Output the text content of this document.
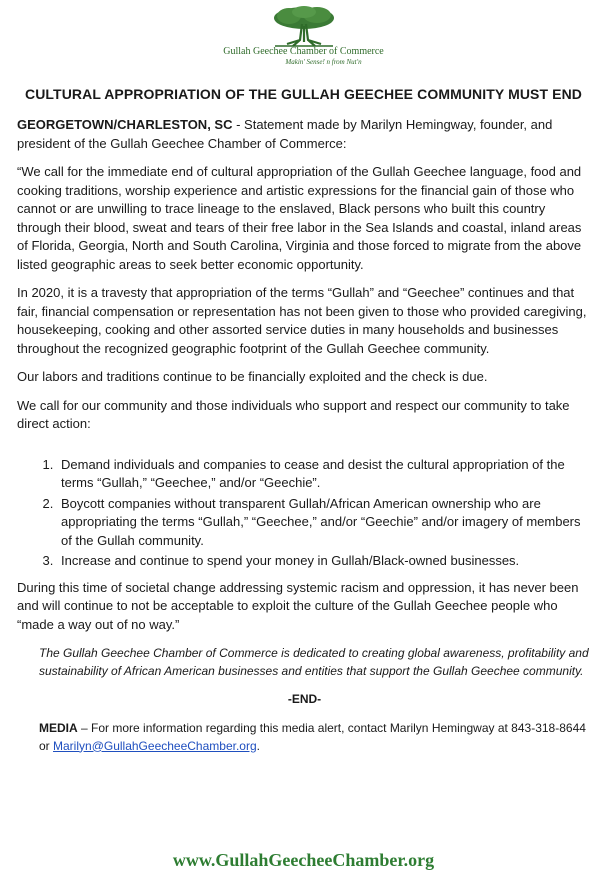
Gullah Geechee Chamber of Commerce
Makin' Sense! n from Nut'n
CULTURAL APPROPRIATION OF THE GULLAH GEECHEE COMMUNITY MUST END

GEORGETOWN/CHARLESTON, SC - Statement made by Marilyn Hemingway, founder, and president of the Gullah Geechee Chamber of Commerce:

“We call for the immediate end of cultural appropriation of the Gullah Geechee language, food and cooking traditions, worship experience and artistic expressions for the financial gain of those who cannot or are unwilling to trace lineage to the enslaved, Black persons who built this country through their blood, sweat and tears of their free labor in the Sea Islands and coastal, inland areas of Florida, Georgia, North and South Carolina, Virginia and those forced to migrate from the above listed geographic areas to seek better economic opportunity.

In 2020, it is a travesty that appropriation of the terms “Gullah” and “Geechee” continues and that fair, financial compensation or representation has not been given to those who provided caregiving, housekeeping, cooking and other assorted service duties in many households and businesses throughout the recognized geographic footprint of the Gullah Geechee community.

Our labors and traditions continue to be financially exploited and the check is due.

We call for our community and those individuals who support and respect our community to take direct action:

1. Demand individuals and companies to cease and desist the cultural appropriation of the terms “Gullah,” “Geechee,” and/or “Geechie”.
2. Boycott companies without transparent Gullah/African American ownership who are appropriating the terms “Gullah,” “Geechee,” and/or “Geechie” and/or imagery of members of the Gullah community.
3. Increase and continue to spend your money in Gullah/Black-owned businesses.

During this time of societal change addressing systemic racism and oppression, it has never been and will continue to not be acceptable to exploit the culture of the Gullah Geechee people who “made a way out of no way.”

The Gullah Geechee Chamber of Commerce is dedicated to creating global awareness, profitability and sustainability of African American businesses and entities that support the Gullah Geechee community.

-END-

MEDIA – For more information regarding this media alert, contact Marilyn Hemingway at 843-318-8644 or Marilyn@GullahGeecheeChamber.org.

www.GullahGeecheeChamber.org
